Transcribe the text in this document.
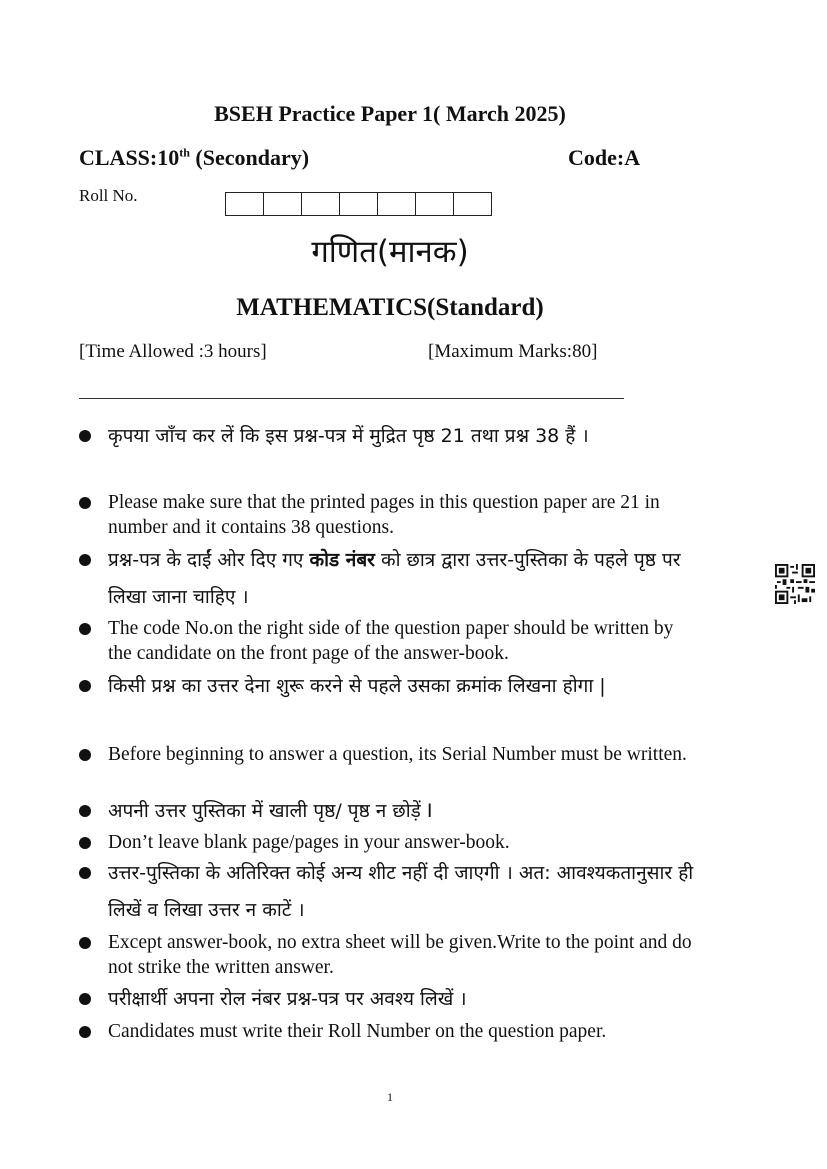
BSEH Practice Paper 1( March 2025)
CLASS:10th (Secondary)	Code:A
Roll No.
गणित(मानक)
MATHEMATICS(Standard)
[Time Allowed :3 hours]	[Maximum Marks:80]
कृपया जाँच कर लें कि इस प्रश्न-पत्र में मुद्रित पृष्ठ 21 तथा प्रश्न 38 हैं ।
Please make sure that the printed pages in this question paper are 21 in number and it contains 38 questions.
प्रश्न-पत्र के दाईं ओर दिए गए कोड नंबर को छात्र द्वारा उत्तर-पुस्तिका के पहले पृष्ठ पर लिखा जाना चाहिए ।
The code No.on the right side of the question paper should be written by the candidate on the front page of the answer-book.
किसी प्रश्न का उत्तर देना शुरू करने से पहले उसका क्रमांक लिखना होगा |
Before beginning to answer a question, its Serial Number must be written.
अपनी उत्तर पुस्तिका में खाली पृष्ठ/ पृष्ठ न छोड़ें I
Don’t leave blank page/pages in your answer-book.
उत्तर-पुस्तिका के अतिरिक्त कोई अन्य शीट नहीं दी जाएगी । अत: आवश्यकतानुसार ही लिखें व लिखा उत्तर न काटें ।
Except answer-book, no extra sheet will be given.Write to the point and do not strike the written answer.
परीक्षार्थी अपना रोल नंबर प्रश्न-पत्र पर अवश्य लिखें ।
Candidates must write their Roll Number on the question paper.
1
